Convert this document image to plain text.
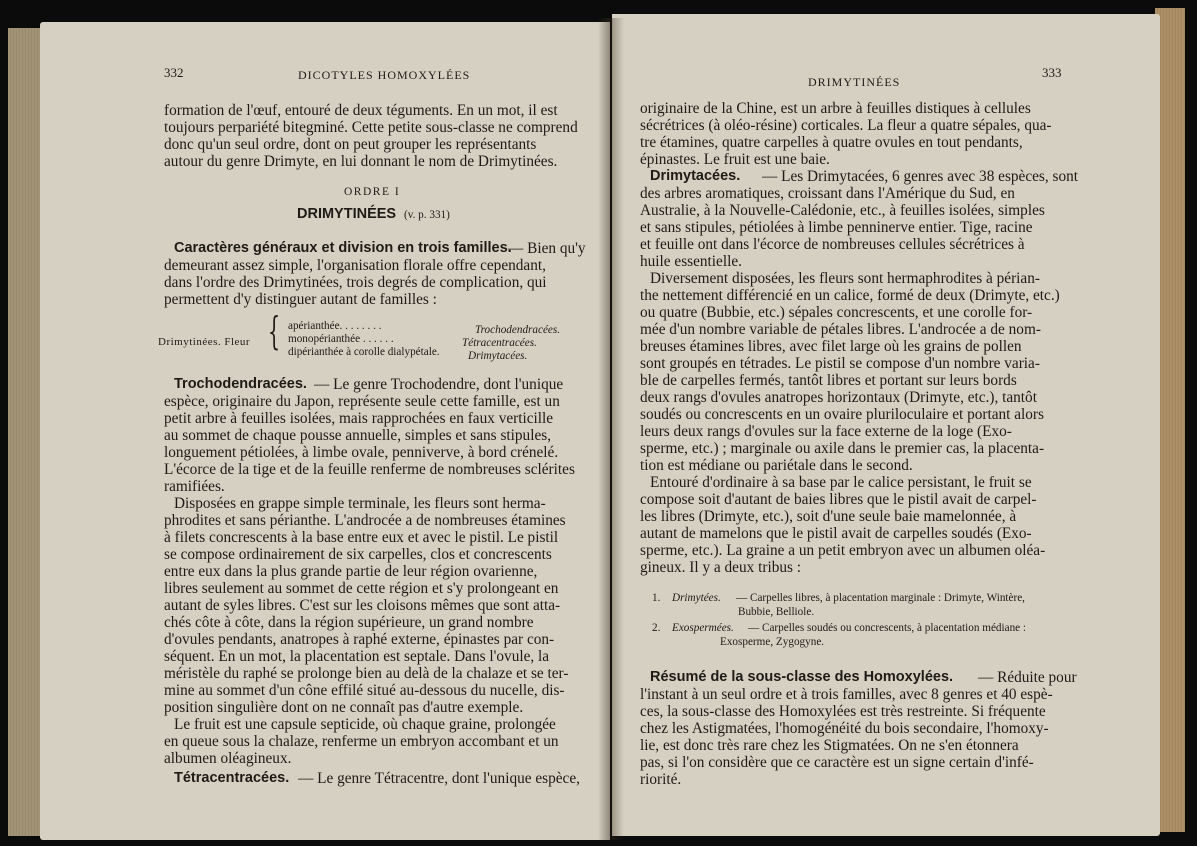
332	DICOTYLES HOMOXYLÉES
formation de l'œuf, entouré de deux téguments. En un mot, il est
toujours perpariété bitegminé. Cette petite sous-classe ne comprend
donc qu'un seul ordre, dont on peut grouper les représentants
autour du genre Drimyte, en lui donnant le nom de Drimytinées.
ORDRE I
DRIMYTINÉES (v. p. 331)
Caractères généraux et division en trois familles.
— Bien qu'y
demeurant assez simple, l'organisation florale offre cependant,
dans l'ordre des Drimytinées, trois degrés de complication, qui
permettent d'y distinguer autant de familles :
Drimytinées. Fleur { apérianthée. . . . . . . .	Trochodendracées.
monopérianthée . . . . . .	Tétracentracées.
dipérianthée à corolle dialypétale.	Drimytacées.
Trochodendracées. — Le genre Trochodendre, dont l'unique
espèce, originaire du Japon, représente seule cette famille, est un
petit arbre à feuilles isolées, mais rapprochées en faux verticille
au sommet de chaque pousse annuelle, simples et sans stipules,
longuement pétiolées, à limbe ovale, penniverve, à bord crénelé.
L'écorce de la tige et de la feuille renferme de nombreuses sclérites
ramifiées.
Disposées en grappe simple terminale, les fleurs sont herma-
phrodites et sans périanthe. L'androcée a de nombreuses étamines
à filets concrescents à la base entre eux et avec le pistil. Le pistil
se compose ordinairement de six carpelles, clos et concrescents
entre eux dans la plus grande partie de leur région ovarienne,
libres seulement au sommet de cette région et s'y prolongeant en
autant de syles libres. C'est sur les cloisons mêmes que sont atta-
chés côte à côte, dans la région supérieure, un grand nombre
d'ovules pendants, anatropes à raphé externe, épinastes par con-
séquent. En un mot, la placentation est septale. Dans l'ovule, la
méristèle du raphé se prolonge bien au delà de la chalaze et se ter-
mine au sommet d'un cône effilé situé au-dessous du nucelle, dis-
position singulière dont on ne connaît pas d'autre exemple.
Le fruit est une capsule septicide, où chaque graine, prolongée
en queue sous la chalaze, renferme un embryon accombant et un
albumen oléagineux.
Tétracentracées. — Le genre Tétracentre, dont l'unique espèce,
DRIMYTINÉES
333
originaire de la Chine, est un arbre à feuilles distiques à cellules
sécrétrices (à oléo-résine) corticales. La fleur a quatre sépales, qua-
tre étamines, quatre carpelles à quatre ovules en tout pendants,
épinastes. Le fruit est une baie.
Drimytacées. — Les Drimytacées, 6 genres avec 38 espèces, sont
des arbres aromatiques, croissant dans l'Amérique du Sud, en
Australie, à la Nouvelle-Calédonie, etc., à feuilles isolées, simples
et sans stipules, pétiolées à limbe penninerve entier. Tige, racine
et feuille ont dans l'écorce de nombreuses cellules sécrétrices à
huile essentielle.
Diversement disposées, les fleurs sont hermaphrodites à périan-
the nettement différencié en un calice, formé de deux (Drimyte, etc.)
ou quatre (Bubbie, etc.) sépales concrescents, et une corolle for-
mée d'un nombre variable de pétales libres. L'androcée a de nom-
breuses étamines libres, avec filet large où les grains de pollen
sont groupés en tétrades. Le pistil se compose d'un nombre varia-
ble de carpelles fermés, tantôt libres et portant sur leurs bords
deux rangs d'ovules anatropes horizontaux (Drimyte, etc.), tantôt
soudés ou concrescents en un ovaire pluriloculaire et portant alors
leurs deux rangs d'ovules sur la face externe de la loge (Exo-
sperme, etc.) ; marginale ou axile dans le premier cas, la placenta-
tion est médiane ou pariétale dans le second.
Entouré d'ordinaire à sa base par le calice persistant, le fruit se
compose soit d'autant de baies libres que le pistil avait de carpel-
les libres (Drimyte, etc.), soit d'une seule baie mamelonnée, à
autant de mamelons que le pistil avait de carpelles soudés (Exo-
sperme, etc.). La graine a un petit embryon avec un albumen oléa-
gineux. Il y a deux tribus :
1. Drimytées. — Carpelles libres, à placentation marginale : Drimyte, Wintère,
Bubbie, Belliole.
2. Exospermées. — Carpelles soudés ou concrescents, à placentation médiane :
Exosperme, Zygogyne.
Résumé de la sous-classe des Homoxylées. — Réduite pour
l'instant à un seul ordre et à trois familles, avec 8 genres et 40 espè-
ces, la sous-classe des Homoxylées est très restreinte. Si fréquente
chez les Astigmatées, l'homogénéité du bois secondaire, l'homoxy-
lie, est donc très rare chez les Stigmatées. On ne s'en étonnera
pas, si l'on considère que ce caractère est un signe certain d'infé-
riorité.
